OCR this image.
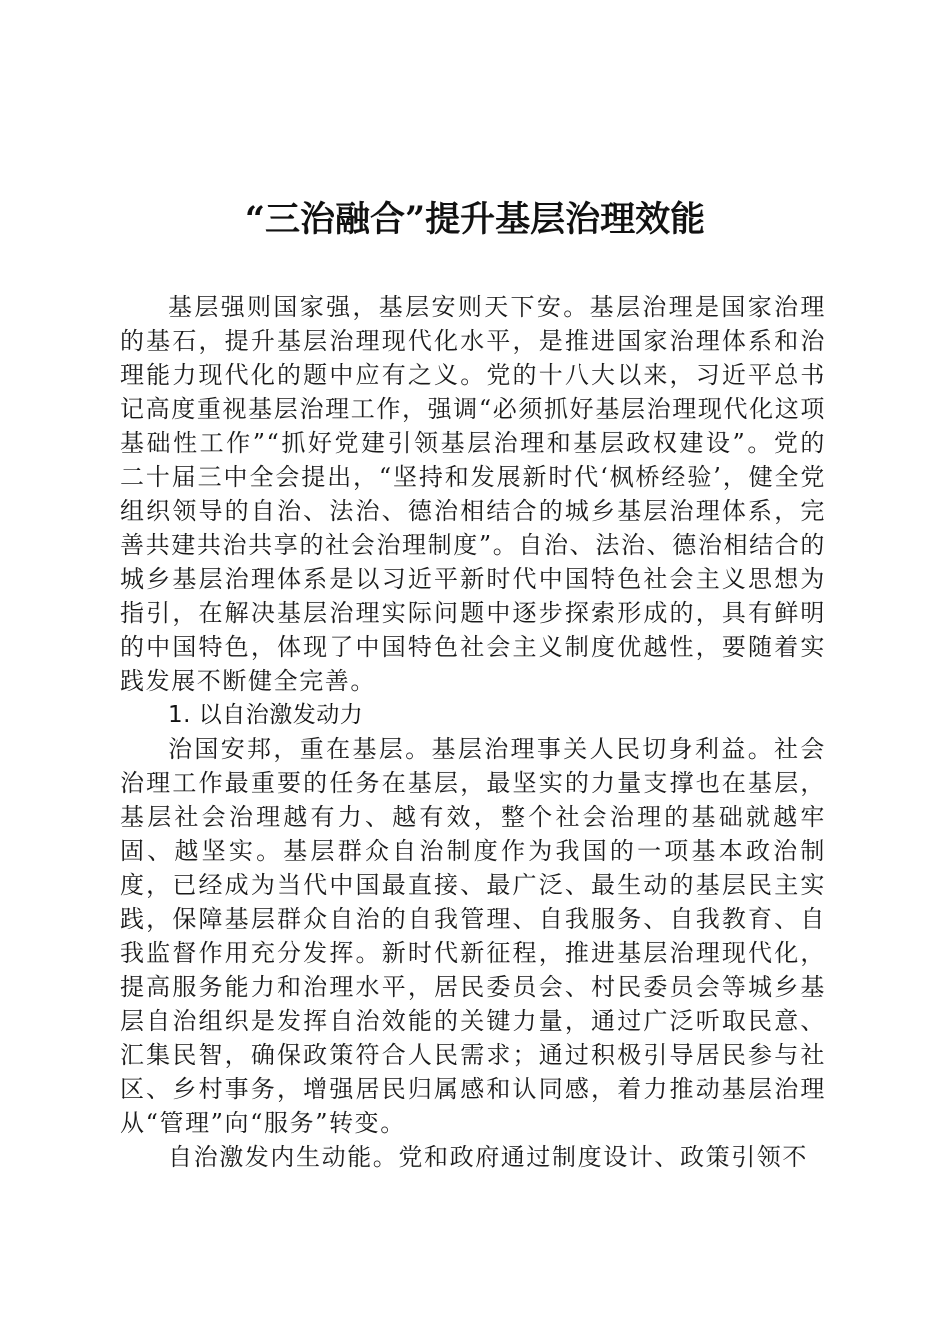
“三治融合”提升基层治理效能

基层强则国家强，基层安则天下安。基层治理是国家治理的基石，提升基层治理现代化水平，是推进国家治理体系和治理能力现代化的题中应有之义。党的十八大以来，习近平总书记高度重视基层治理工作，强调“必须抓好基层治理现代化这项基础性工作”“抓好党建引领基层治理和基层政权建设”。党的二十届三中全会提出，“坚持和发展新时代‘枫桥经验’，健全党组织领导的自治、法治、德治相结合的城乡基层治理体系，完善共建共治共享的社会治理制度”。自治、法治、德治相结合的城乡基层治理体系是以习近平新时代中国特色社会主义思想为指引，在解决基层治理实际问题中逐步探索形成的，具有鲜明的中国特色，体现了中国特色社会主义制度优越性，要随着实践发展不断健全完善。

1. 以自治激发动力

治国安邦，重在基层。基层治理事关人民切身利益。社会治理工作最重要的任务在基层，最坚实的力量支撑也在基层，基层社会治理越有力、越有效，整个社会治理的基础就越牢固、越坚实。基层群众自治制度作为我国的一项基本政治制度，已经成为当代中国最直接、最广泛、最生动的基层民主实践，保障基层群众自治的自我管理、自我服务、自我教育、自我监督作用充分发挥。新时代新征程，推进基层治理现代化，提高服务能力和治理水平，居民委员会、村民委员会等城乡基层自治组织是发挥自治效能的关键力量，通过广泛听取民意、汇集民智，确保政策符合人民需求；通过积极引导居民参与社区、乡村事务，增强居民归属感和认同感，着力推动基层治理从“管理”向“服务”转变。

自治激发内生动能。党和政府通过制度设计、政策引领不
